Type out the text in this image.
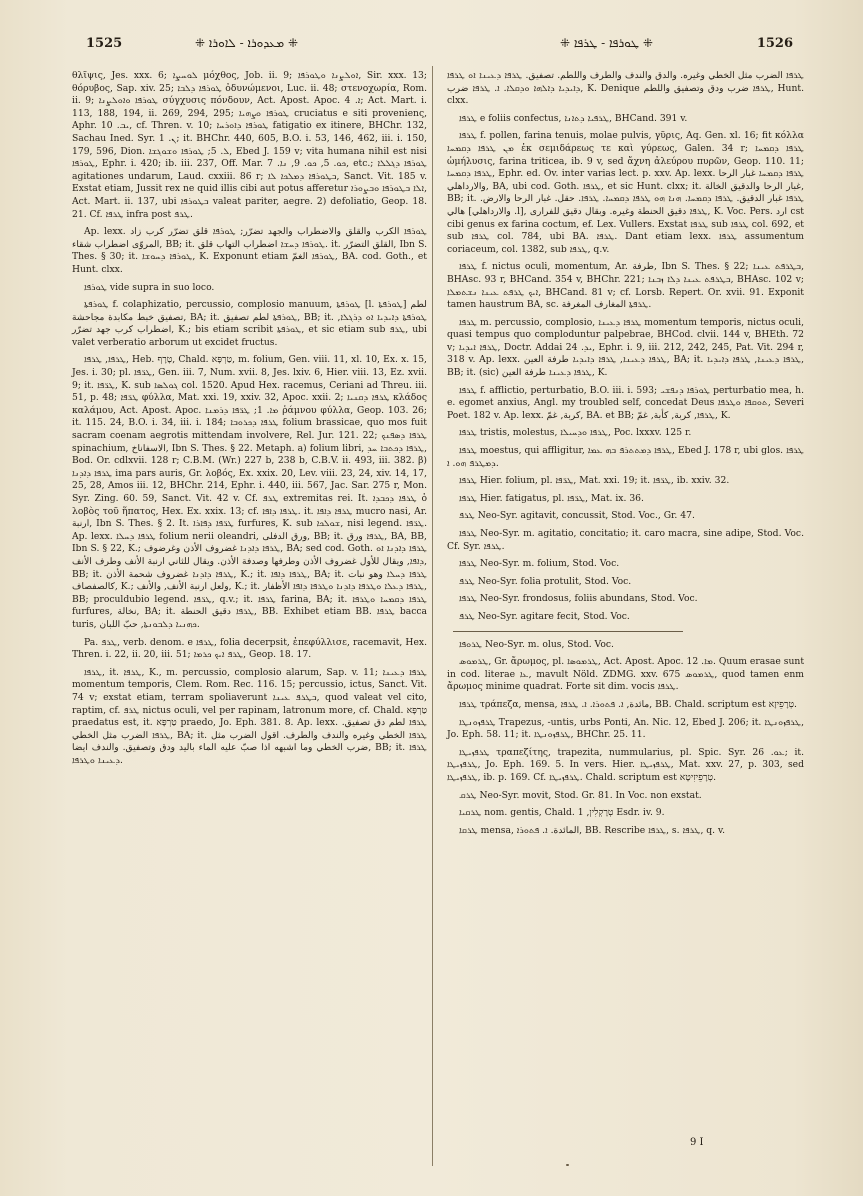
1525	⁜ ܡܥܕܘܪܐ - ܠܐܘܪܐ ⁜	⁜ ܛܘܪܦܐ - ܛܪܦܐ ⁜	1526

θλῖψις, Jes. xxx. 6; ܠܘܚܨܐ μόχθος, Job. ii. 9; ܐܘܠܨܢܐ ܘܛܘܪܦܐ, Sir. xxx. 13; θόρυβος, Sap. xiv. 25; ܛܘܪܦܐ ܕܠܒܐ ὀδυνώμενοι, Luc. ii. 48; στενοχωρία, Rom. ii. 9; ܛܘܪܦܐ ܘܐܘܠܨܢܐ σύγχυσις πόνδουν, Act. Apost. Apoc. ܐ. 4; Act. Mart. i. 113, 188, 194, ii. 269, 294, 295; ܛܘܪܦܐ ܘܨܗܝܐ cruciatus e siti provenienς, Aphr. ܝܒ. 10, cf. Thren. v. 10; ܛܘܪܦܐ ܕܐܘܪܚܐ fatigatio ex itinere, BHChr. 132, Sachau Ined. Syr. ܢ. 1; it. BHChr. 440, 605, B.O. i. 53, 146, 462, iii. i. 150, 179, 596, Dion. ܠ. 5; ܛܘܪܦܐ ܘܫܘܓܫܐ, Ebed J. 159 v; vita humana nihil est nisi ܛܘܪܦܐ, Ephr. i. 420; ib. iii. 237, Off. Mar. ܟܘ. 5, ܟܘ. 9, ܢܐ. 7, etc.; ܛܘܪܦܐ ܕܓܠܠܐ agitationes undarum, Laud. cxxiii. 86 r; ܒܛܘܪܦܐ ܕܡܠܟܐ ܠܐ, Sanct. Vit. 185 v. Exstat etiam, Jussit rex ne quid illis cibi aut potus afferetur ܐܠܐ ܒܛܘܪܦܐ ܘܒܨܘܪܐ, Act. Mart. ii. 137, ubi ܒܛܘܪܦܐ valeat pariter, aegre. 2) defoliatio, Geop. 18. 21. Cf. ܛܪܦܐ infra post ܛܪܦ.

Ap. lexx. ܛܘܪܦܐ الكرب والقلق والاضطراب والجهد تضرّر; ܛܘܪܦܐ قلق تضرّر كرب زاد المروّى اضطراب شقاء, BB; it. ܛܘܪܦܐ ܕܚܫܐ اضطراب التهاب قلق. it. القلق التضرّر, Ibn S. Thes. § 30; it. ܛܘܪܦܐ ܕܚܘܫܐ, K. Exponunt etiam ܛܘܪܦܐ الغمّ, BA. cod. Goth., et Hunt. clxx.

ܛܘܪܦܐ vide supra in suo loco.

ܛܘܪܦܬܐ f. colaphizatio, percussio, complosio manuum, ܛܘܪܦܬܐ [l. ܛܘܪܦܬܐ] لطم تصفيق خبط مكابدة مجاحشة, BA; it. ܛܘܪܦܬܐ لطم تصفيق, BB; it. ܛܘܪܦܬܐ ܕܐܝܕܝܐ ܐܘ ܕܪܓܠܐ, اضطراب كرب جهد تضرّر, K.; bis etiam scribit ܛܘܪܦܬܐ, et sic etiam sub ܛܪܦ, ubi valet verberatio arborum ut excidet fructus.

ܛܪܦܐ, ܛܪܦܐ, Heb. טָרָף, Chald. טַרְפָּא, m. folium, Gen. viii. 11, xl. 10, Ex. x. 15, Jes. i. 30; pl. ܛܪ̈ܦܐ, Gen. iii. 7, Num. xvii. 8, Jes. lxiv. 6, Hier. viii. 13, Ez. xvii. 9; it. ܛܪ̈ܦܐ, K. sub ܓܘܠܣܐ col. 1520. Apud Hex. racemus, Ceriani ad Threu. iii. 51, p. 48; ܛܪ̈ܦܐ φύλλα, Mat. xxi. 19, xxiv. 32, Apoc. xxii. 2; ܛܪܦܐ ܕܩܢܝܐ κλάδος καλάμου, Act. Apost. Apoc. ܡܐ. 1; ܛܪ̈ܦܐ ܕܪܡܢܐ ῥάμνου φύλλα, Geop. 103. 26; it. 115. 24, B.O. i. 34, iii. i. 184; ܛܪܦܐ ܕܟܪܘܒܐ folium brassicae, quo mos fuit sacram coenam aegrotis mittendam involvere, Rel. Jur. 121. 22; ܛܪܦܐ ܕܣܦܢܟ spinachium, الاسفاناخ, Ibn S. Thes. § 22. Metaph. a) folium libri, ܛܪܦܐ ܕܟܬܒܐ ܚܕ, Bod. Or. cdlxvii. 128 r; C.B.M. (Wr.) 227 b, 238 b, C.B.V. ii. 493, iii. 382. β) ܛܪܦܐ ܕܐܕܢܐ ima pars auris, Gr. λοβός, Ex. xxix. 20, Lev. viii. 23, 24, xiv. 14, 17, 25, 28, Amos iii. 12, BHChr. 214, Ephr. i. 440, iii. 567, Jac. Sar. 275 r, Mon. Syr. Zing. 60. 59, Sanct. Vit. 42 v. Cf. ܛܪܦ extremitas rei. It. ܛܪܦܐ ܕܟܒܕܐ ὁ λοβὸς τοῦ ἥπατος, Hex. Ex. xxix. 13; cf. ܛܪܦܐ ܕܐܦܐ. it. ܛܪܦܐ ܕܐܦܐ mucro nasi, Ar. ارنبة, Ibn S. Thes. § 2. It. ܛܪ̈ܦܐ ܕܦܐܪܐ furfures, K. sub ܫܘܠܟܐ, nisi legend. ܛܪ̈ܦܐ. Ap. lexx. ܛܪܦܐ ܕܚܠܐ folium nerii oleandri, ورق الدفلى, BB; it. ܛܪܦܐ ورق, BA, BB, Ibn S. § 22, K.; ܛܪܦܐ ܕܐܕܢܐ غضروف الأذن وغرضوف, BA; sed cod. Goth. ܛܪܦܐ ܕܐܕܢܐ ܐܘ ܕܐܦܐ, ويقال للأول غضروف الأذن وطرفها وصدفة الأذن. ويقال للثاني ارنبة الأنف وطرف الأنف, BB; it. ܛܪܦܐ ܕܐܕܢܐ غضروف شحمة الأذن, K.; it. ܛܪܦܐ ܕܐܦܐ, BA; it. ܛܪܦܐ ܕܚܠܐ وهو نبات كالصفصاف, K.; ولعل ارنبة الأنف, والأنف, K.; it. ܛܪܦܐ ܕܥܠܐ ܘܛܪܦܐ ܕܐܕܢܐ ܘܛܪܦܐ ܕܐܦܐ الأظفار, BB; proculdubio legend. ܛܪ̈ܦܐ, q.v.; it. ܛܪܦܐ farina, BA; it. ܛܪܦܐ ܕܩܡܚܐ ܘܛܪܦܐ furfures, نخالة, BA; it. ܛܪܦܐ دقيق الحنطة, BB. Exhibet etiam BB. ܛܪܦܐ bacca turis, ܟܗܢܝܐ ܕܠܒܘܢܬܐ, حبّ اللبان.

Pa. ܛܪܦ, verb. denom. e ܛܪܦܐ, folia decerpsit, ἐπεφύλλισε, racemavit, Hex. Thren. i. 22, ii. 20, iii. 51; ܛܪܦ ܐܝܟ ܟܪܡܐ, Geop. 18. 17.

ܛܪܦܐ, it. ܛܪܦܐ, K., m. percussio, complosio alarum, Sap. v. 11; ܛܪܦܐ ܕܥܝܢܐ momentum temporis, Clem. Rom. Rec. 116. 15; percussio, ictus, Sanct. Vit. 74 v; exstat etiam, terram spoliaverunt ܒܛܪܦ ܥܝܢܐ, quod valeat vel cito, raptim, cf. ܛܪܦ nictus oculi, vel per rapinam, latronum more, cf. Chald. טַרְפָּא praedatus est, it. טַרְפָּא praedo, Jo. Eph. 381. 8. Ap. lexx. ܛܪܦܐ لطم دق تصفيق. ܛܪܦܐ الضرب مثل الخطي, BA; it. ܛܪܦܐ الخطي وغيره والندف والطرف. اقول الضرب مثل ضرب الخطي وما اشبهه اذا صبّ عليه الماء باليد ودق وتصفيق. والندف ايضا, BB; it. ܛܪܦܐ ܕܥܝܢܐ ܘܛܪܦܐ.

ܛܪܦܐ الضرب مثل الخطي وغيره. والدق والندف والطرف واللطم. تصفيق. ܛܪܦܐ ܕܥܝܢܐ ܐܘ ܛܪܦܐ ܕܐܝܕܝܐ ܕܐܠܗܐ ܘܕܩܠܐ. ܐ. ܛܪܦܐ ضرب, K. Denique ܛܪܦܐ ضرب ودق وتصفيق واللطم, Hunt. clxx.

ܛܪܦܐ e foliis confectus, ܛܪܦܝܐ ܕܬܐܢܐ, BHCand. 391 v.

ܛܪܦܐ f. pollen, farina tenuis, molae pulvis, γῦρις, Aq. Gen. xl. 16; fit κόλλα ܡܢ ܛܪܦܐ ܕܩܡܚܐ ἐκ σεμιδάρεως τε καὶ γύρεως, Galen. 34 r; ܛܪܦܐ ܕܩܡܚܐ ὠμήλυσις, farina triticea, ib. 9 v, sed ἄχνη ἀλεύρου πυρῶν, Geop. 110. 11; ܛܪܦܐ ܕܩܡܚܐ, Ephr. ed. Ov. inter varias lect. p. xxv. Ap. lexx. ܛܪܦܐ ܕܩܡܚܐ غبار الرحا والارداهلي, BA, ubi cod. Goth. ܛܪܦܐ, et sic Hunt. clxx; it. غبار الرحا والدقيق الخالة, BB; it. ܛܪܦܐ غبار الدقيق. ܛܪܦܐ ܕܩܡܚܐ. ܗܢܐ ܗܘ ܛܪܦܐ ܕܩܡܚܐ. ܛܪܦܐ. حقل. غبار الرحا والارض. هالي [والارداهلي .l], ܛܪܦܐ دقيق الحنطة وغيره. وبقال دقيق للفرارى, K. Voc. Pers. ارد cst cibi genus ex farina coctum, ef. Lex. Vullers. Exstat ܛܪܦܐ sub ܛܪܦܐ col. 692, et sub ܛܪܦܐ col. 784, ubi BA. ܛܪܦܐ. Dant etiam lexx. ܛܪܦܐ assumentum coriaceum, col. 1382, sub ܛܪܦܐ, q.v.

ܛܪܦܐ f. nictus oculi, momentum, Ar. طرفة, Ibn S. Thes. § 22; ܒܛܪܦܬ ܥܝܢܐ, BHAsc. 93 r, BHCand. 354 v, BHChr. 221; ܒܛܪܦܬ ܥܝܢܐ ܕܠܐ ܙܒܢܐ, BHAsc. 102 v; ܐܝܟ ܛܪܦܬ ܥܝܢܐ ܢܫܬܡܠܐ, BHCand. 81 v; cf. Lorsb. Repert. Or. xvii. 91. Exponit tamen haustrum BA, sc. ܛܪܦܬܐ المغارف المغرفة.

ܛܪܦܐ m. percussio, complosio, ܛܪܦܐ ܕܥܝܢܐ momentum temporis, nictus oculi, quasi tempus quo comploduntur palpebrae, BHCod. clvii. 144 v, BHEth. 72 v; ܛܪܦܐ ܐܝܕܝܐ, Doctr. Addai ܝܕ. 24, Ephr. i. 9, iii. 212, 242, 245, Pat. Vit. 294 r, 318 v. Ap. lexx. ܛܪܦܐ ܕܥܝܢܐ, ܛܪܦܐ ܕܐܝܕܝܐ طرفة العين, BA; it. ܛܪܦܐ ܕܥܝܢܐ, ܛܪܦܐ ܕܐܝܕܝܐ, BB; it. (sic) ܛܪܦܐ ܕܥܝܢܐ طرفة العين, K.

ܛܪܦܐ f. afflictio, perturbatio, B.O. iii. i. 593; ܛܘܪܦܐ ܕܢܦܫܝ perturbatio mea, h. e. egomet anxius, Angl. my troubled self, concedat Deus ܬܘܩܦܐ ܘܛܪܦܐ, Severi Poet. 182 v. Ap. lexx. كربة, غمّ, BA. et BB; ܛܪܦܐ, كربة, كأبة, غمّ, K.

ܛܪܦܐ tristis, molestus, ܛܪܦܐ ܘܕܚܝܠܐ, Poc. lxxxv. 125 r.

ܛܪܦܐ moestus, qui affligitur, ܛܪܦܐ ܕܡܬܬܪܦ ܒܗ ܥܡܐ, Ebed J. 178 r, ubi glos. ܛܪܦܐ ܕܡܛܪܦ ܗܘ. ܐ.

ܛܪܦܐ Hier. folium, pl. ܛܪ̈ܦܐ, Mat. xxi. 19; it. ܛܪ̈ܦܐ, ib. xxiv. 32.

ܛܪܦܐ Hier. fatigatus, pl. ܛܪ̈ܦܐ, Mat. ix. 36.

ܛܪܦ Neo-Syr. agitavit, concussit, Stod. Voc., Gr. 47.

ܛܪܦܐ Neo-Syr. m. agitatio, concitatio; it. caro macra, sine adipe, Stod. Voc. Cf. Syr. ܛܪܦܐ.

ܛܪܦܐ Neo-Syr. m. folium, Stod. Voc.

ܛܪܦ Neo-Syr. folia protulit, Stod. Voc.

ܛܪܦܐ Neo-Syr. frondosus, foliis abundans, Stod. Voc.

ܛܪܦ Neo-Syr. agitare fecit, Stod. Voc.

ܛܪܘܦܐ Neo-Syr. m. olus, Stod. Voc.

ܛܪܡܘܣ, Gr. ἄρωμος, pl. ܛܪܡܘܣܐ, Act. Apost. Apoc. ܡܐ. 12. Quum erasae sunt in cod. literae ܥܐ, mavult Nöld. ZDMG. xxv. 675 ܛܪܡܘܣ, quod tamen enm ἄρωμος minime quadrat. Forte sit dim. vocis ܛܪܦܐ.

ܛܪܦܐ τράπεζα, mensa, مائدة, ܐ. ܦܬܘܪܐ. ܐ. ܛܪܦܐ, BB. Chald. scriptum est טְרָפֵיזָא.

ܛܪܦܙܘܢܛܐ Trapezus, -untis, urbs Ponti, An. Nic. 12, Ebed J. 206; it. ܛܪܦܙܘܢܛܐ, Jo. Eph. 58. 11; it. ܛܪܦܙܘܢܛܐ, BHChr. 25. 11.

ܛܪܦܙܝܛܐ τραπεζίτης, trapezita, nummularius, pl. Spic. Syr. ܥܘ. 26; it. ܛܪܦܙܝܛܐ, Jo. Eph. 169. 5. In vers. Hier. ܛܪܦܙܝܛܐ, Mat. xxv. 27, p. 303, sed ܛܪܦܙܝܛܐ, ib. p. 169. Cf. ܛܪܦܙܝܛܐ. Chald. scriptum est טְרָפֵיזִיטָא.

ܛܪܩ Neo-Syr. movit, Stod. Gr. 81. In Voc. non exstat.

ܛܪܩܝܐ nom. gentis, Chald. טְרָקְלִין, 1 Esdr. iv. 9.

ܛܪܩܐ mensa, المائدة. ܐ. ܦܬܘܪܐ, BB. Rescribe ܛܪܦܐ, s. ܛܪܦܐ, q. v.

9 I
